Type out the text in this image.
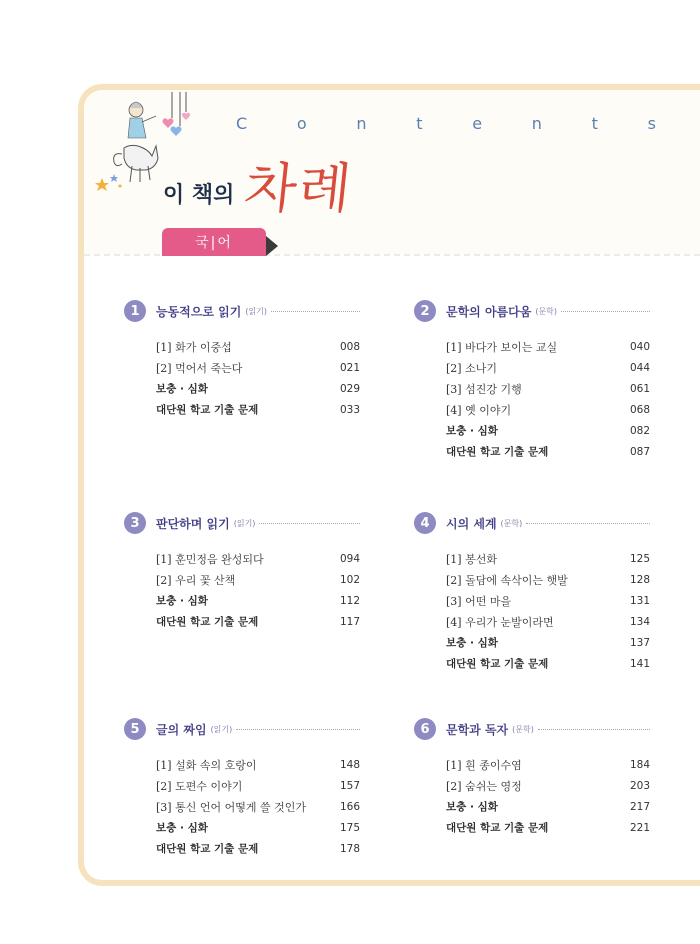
C	o	n	t	e	n	t	s
이 책의 차례
국|어
1	능동적으로 읽기 (읽기)
[1] 화가 이중섭	008
[2] 먹어서 죽는다	021
보충 · 심화	029
대단원 학교 기출 문제	033
2	문학의 아름다움 (문학)
[1] 바다가 보이는 교실	040
[2] 소나기	044
[3] 섬진강 기행	061
[4] 옛 이야기	068
보충 · 심화	082
대단원 학교 기출 문제	087
3	판단하며 읽기 (읽기)
[1] 훈민정음 완성되다	094
[2] 우리 꽃 산책	102
보충 · 심화	112
대단원 학교 기출 문제	117
4	시의 세계 (문학)
[1] 봉선화	125
[2] 돌담에 속삭이는 햇발	128
[3] 어떤 마을	131
[4] 우리가 눈발이라면	134
보충 · 심화	137
대단원 학교 기출 문제	141
5	글의 짜임 (읽기)
[1] 설화 속의 호랑이	148
[2] 도편수 이야기	157
[3] 통신 언어 어떻게 쓸 것인가	166
보충 · 심화	175
대단원 학교 기출 문제	178
6	문학과 독자 (문학)
[1] 흰 종이수염	184
[2] 숨쉬는 영정	203
보충 · 심화	217
대단원 학교 기출 문제	221
